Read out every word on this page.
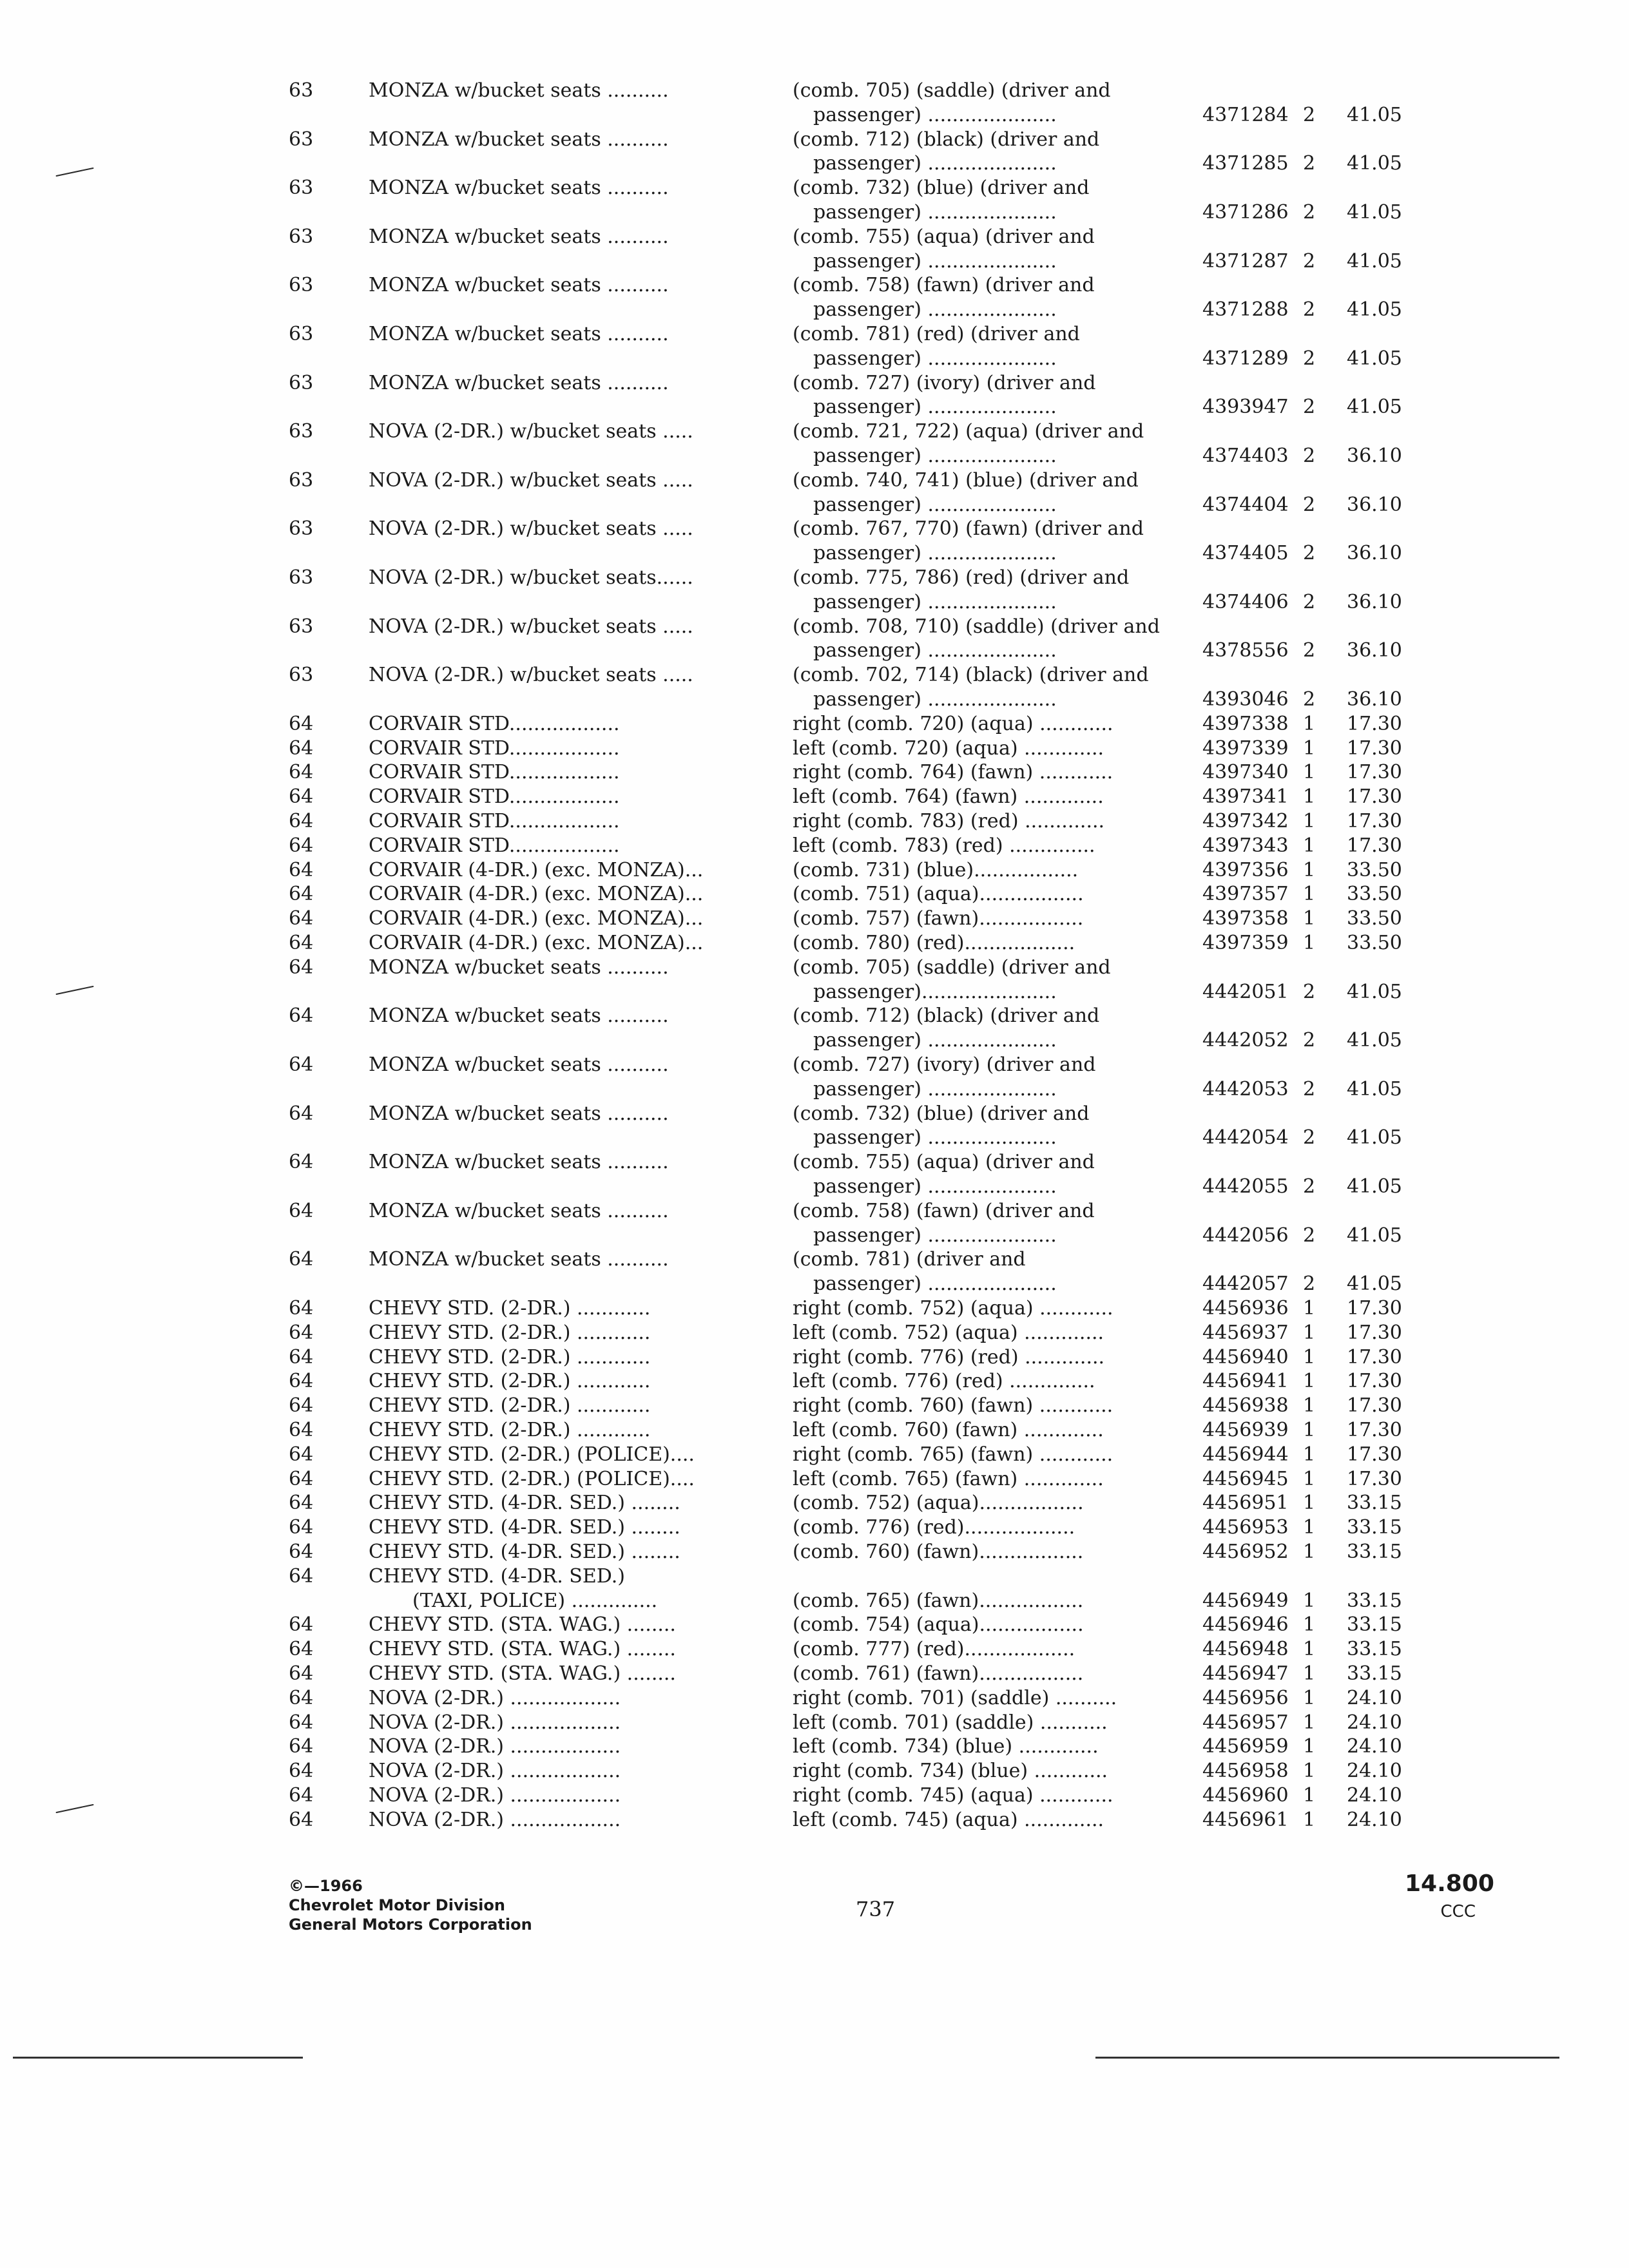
63	MONZA w/bucket seats ..........	(comb. 705) (saddle) (driver and
passenger) .....................	4371284 2 41.05
63	MONZA w/bucket seats ..........	(comb. 712) (black) (driver and
passenger) .....................	4371285 2 41.05
63	MONZA w/bucket seats ..........	(comb. 732) (blue) (driver and
passenger) .....................	4371286 2 41.05
63	MONZA w/bucket seats ..........	(comb. 755) (aqua) (driver and
passenger) .....................	4371287 2 41.05
63	MONZA w/bucket seats ..........	(comb. 758) (fawn) (driver and
passenger) .....................	4371288 2 41.05
63	MONZA w/bucket seats ..........	(comb. 781) (red) (driver and
passenger) .....................	4371289 2 41.05
63	MONZA w/bucket seats ..........	(comb. 727) (ivory) (driver and
passenger) .....................	4393947 2 41.05
63	NOVA (2-DR.) w/bucket seats .....	(comb. 721, 722) (aqua) (driver and
passenger) .....................	4374403 2 36.10
63	NOVA (2-DR.) w/bucket seats .....	(comb. 740, 741) (blue) (driver and
passenger) .....................	4374404 2 36.10
63	NOVA (2-DR.) w/bucket seats .....	(comb. 767, 770) (fawn) (driver and
passenger) .....................	4374405 2 36.10
63	NOVA (2-DR.) w/bucket seats......	(comb. 775, 786) (red) (driver and
passenger) .....................	4374406 2 36.10
63	NOVA (2-DR.) w/bucket seats .....	(comb. 708, 710) (saddle) (driver and
passenger) .....................	4378556 2 36.10
63	NOVA (2-DR.) w/bucket seats .....	(comb. 702, 714) (black) (driver and
passenger) .....................	4393046 2 36.10
64	CORVAIR STD..................	right (comb. 720) (aqua) ............	4397338 1 17.30
64	CORVAIR STD..................	left (comb. 720) (aqua) .............	4397339 1 17.30
64	CORVAIR STD..................	right (comb. 764) (fawn) ............	4397340 1 17.30
64	CORVAIR STD..................	left (comb. 764) (fawn) .............	4397341 1 17.30
64	CORVAIR STD..................	right (comb. 783) (red) .............	4397342 1 17.30
64	CORVAIR STD..................	left (comb. 783) (red) ..............	4397343 1 17.30
64	CORVAIR (4-DR.) (exc. MONZA)...	(comb. 731) (blue).................	4397356 1 33.50
64	CORVAIR (4-DR.) (exc. MONZA)...	(comb. 751) (aqua).................	4397357 1 33.50
64	CORVAIR (4-DR.) (exc. MONZA)...	(comb. 757) (fawn).................	4397358 1 33.50
64	CORVAIR (4-DR.) (exc. MONZA)...	(comb. 780) (red)..................	4397359 1 33.50
64	MONZA w/bucket seats ..........	(comb. 705) (saddle) (driver and
passenger)......................	4442051 2 41.05
64	MONZA w/bucket seats ..........	(comb. 712) (black) (driver and
passenger) .....................	4442052 2 41.05
64	MONZA w/bucket seats ..........	(comb. 727) (ivory) (driver and
passenger) .....................	4442053 2 41.05
64	MONZA w/bucket seats ..........	(comb. 732) (blue) (driver and
passenger) .....................	4442054 2 41.05
64	MONZA w/bucket seats ..........	(comb. 755) (aqua) (driver and
passenger) .....................	4442055 2 41.05
64	MONZA w/bucket seats ..........	(comb. 758) (fawn) (driver and
passenger) .....................	4442056 2 41.05
64	MONZA w/bucket seats ..........	(comb. 781) (driver and
passenger) .....................	4442057 2 41.05
64	CHEVY STD. (2-DR.) ............	right (comb. 752) (aqua) ............	4456936 1 17.30
64	CHEVY STD. (2-DR.) ............	left (comb. 752) (aqua) .............	4456937 1 17.30
64	CHEVY STD. (2-DR.) ............	right (comb. 776) (red) .............	4456940 1 17.30
64	CHEVY STD. (2-DR.) ............	left (comb. 776) (red) ..............	4456941 1 17.30
64	CHEVY STD. (2-DR.) ............	right (comb. 760) (fawn) ............	4456938 1 17.30
64	CHEVY STD. (2-DR.) ............	left (comb. 760) (fawn) .............	4456939 1 17.30
64	CHEVY STD. (2-DR.) (POLICE)....	right (comb. 765) (fawn) ............	4456944 1 17.30
64	CHEVY STD. (2-DR.) (POLICE)....	left (comb. 765) (fawn) .............	4456945 1 17.30
64	CHEVY STD. (4-DR. SED.) ........	(comb. 752) (aqua).................	4456951 1 33.15
64	CHEVY STD. (4-DR. SED.) ........	(comb. 776) (red)..................	4456953 1 33.15
64	CHEVY STD. (4-DR. SED.) ........	(comb. 760) (fawn).................	4456952 1 33.15
64	CHEVY STD. (4-DR. SED.)
(TAXI, POLICE) ..............	(comb. 765) (fawn).................	4456949 1 33.15
64	CHEVY STD. (STA. WAG.) ........	(comb. 754) (aqua).................	4456946 1 33.15
64	CHEVY STD. (STA. WAG.) ........	(comb. 777) (red)..................	4456948 1 33.15
64	CHEVY STD. (STA. WAG.) ........	(comb. 761) (fawn).................	4456947 1 33.15
64	NOVA (2-DR.) ..................	right (comb. 701) (saddle) ..........	4456956 1 24.10
64	NOVA (2-DR.) ..................	left (comb. 701) (saddle) ...........	4456957 1 24.10
64	NOVA (2-DR.) ..................	left (comb. 734) (blue) .............	4456959 1 24.10
64	NOVA (2-DR.) ..................	right (comb. 734) (blue) ............	4456958 1 24.10
64	NOVA (2-DR.) ..................	right (comb. 745) (aqua) ............	4456960 1 24.10
64	NOVA (2-DR.) ..................	left (comb. 745) (aqua) .............	4456961 1 24.10
©—1966
Chevrolet Motor Division
General Motors Corporation
737
14.800
CCC
